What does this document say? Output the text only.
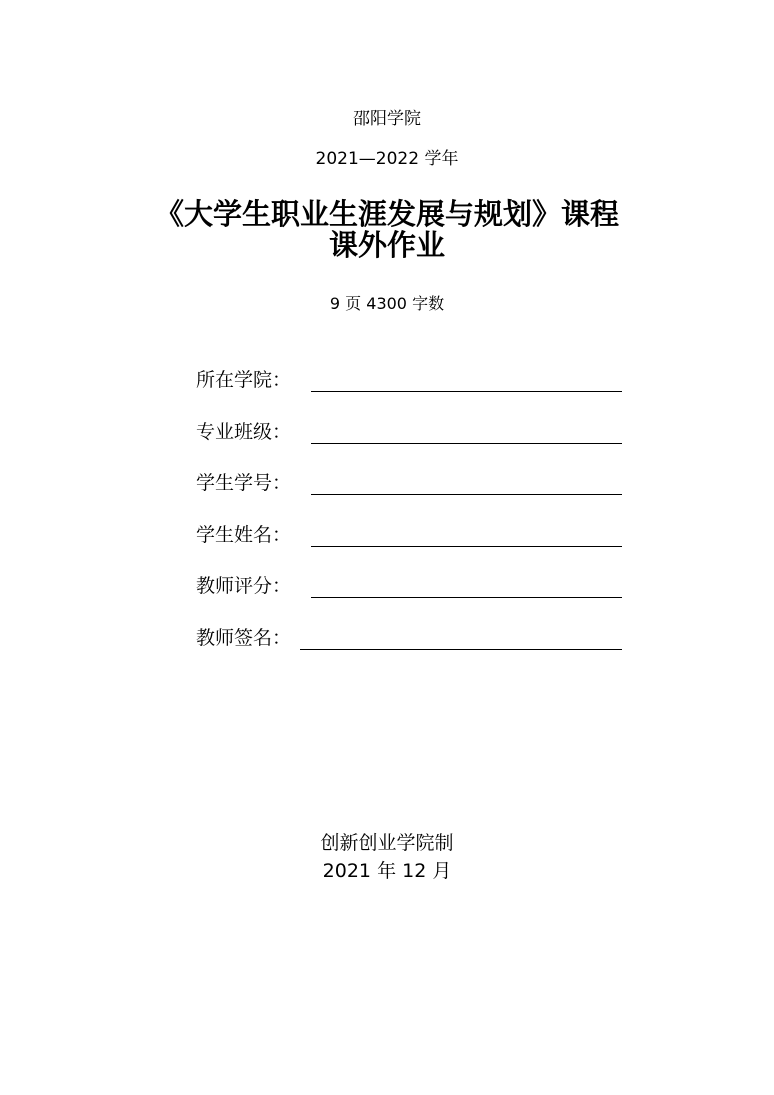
邵阳学院
2021—2022 学年
《大学生职业生涯发展与规划》课程
课外作业
9 页 4300 字数
所在学院：
专业班级：
学生学号：
学生姓名：
教师评分：
教师签名：
创新创业学院制
2021 年 12 月
